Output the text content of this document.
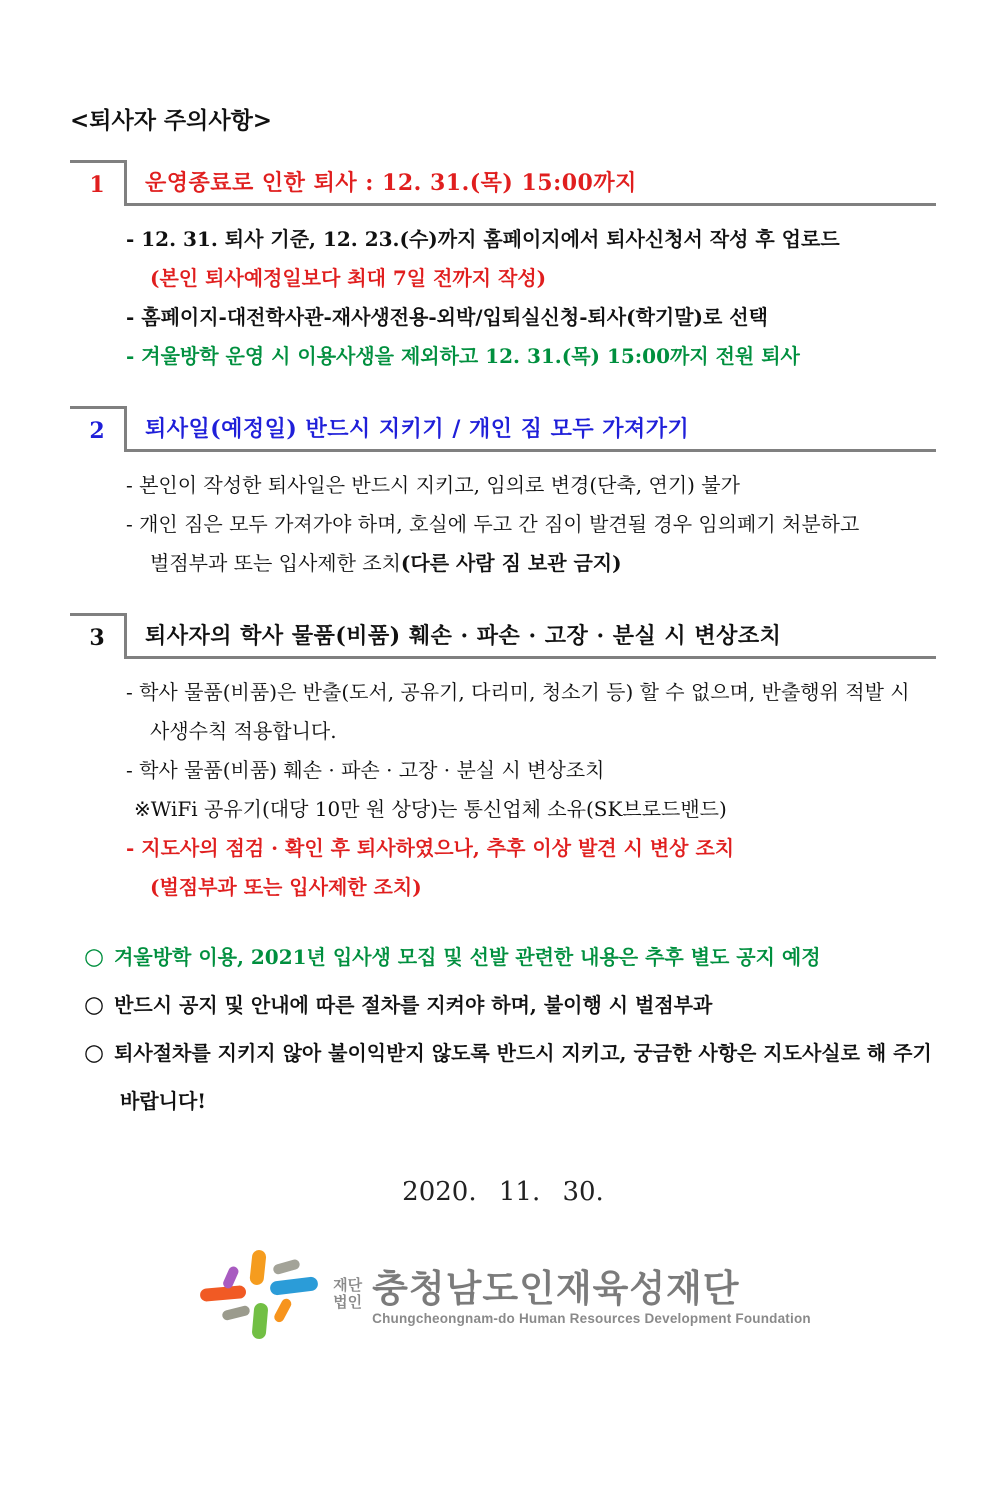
<퇴사자 주의사항>
1	운영종료로 인한 퇴사 : 12. 31.(목) 15:00까지

- 12. 31. 퇴사 기준, 12. 23.(수)까지 홈페이지에서 퇴사신청서 작성 후 업로드

(본인 퇴사예정일보다 최대 7일 전까지 작성)

- 홈페이지-대전학사관-재사생전용-외박/입퇴실신청-퇴사(학기말)로 선택

- 겨울방학 운영 시 이용사생을 제외하고 12. 31.(목) 15:00까지 전원 퇴사

2	퇴사일(예정일) 반드시 지키기 / 개인 짐 모두 가져가기

- 본인이 작성한 퇴사일은 반드시 지키고, 임의로 변경(단축, 연기) 불가

- 개인 짐은 모두 가져가야 하며, 호실에 두고 간 짐이 발견될 경우 임의폐기 처분하고 벌점부과 또는 입사제한 조치(다른 사람 짐 보관 금지)

3	퇴사자의 학사 물품(비품) 훼손 · 파손 · 고장 · 분실 시 변상조치

- 학사 물품(비품)은 반출(도서, 공유기, 다리미, 청소기 등) 할 수 없으며, 반출행위 적발 시 사생수칙 적용합니다.

- 학사 물품(비품) 훼손 · 파손 · 고장 · 분실 시 변상조치

※WiFi 공유기(대당 10만 원 상당)는 통신업체 소유(SK브로드밴드)

- 지도사의 점검 · 확인 후 퇴사하였으나, 추후 이상 발견 시 변상 조치

(벌점부과 또는 입사제한 조치)

○ 겨울방학 이용, 2021년 입사생 모집 및 선발 관련한 내용은 추후 별도 공지 예정

○ 반드시 공지 및 안내에 따른 절차를 지켜야 하며, 불이행 시 벌점부과

○ 퇴사절차를 지키지 않아 불이익받지 않도록 반드시 지키고, 궁금한 사항은 지도사실로 해 주기 바랍니다!

2020. 11. 30.
재단
법인 충청남도인재육성재단
Chungcheongnam-do Human Resources Development Foundation
